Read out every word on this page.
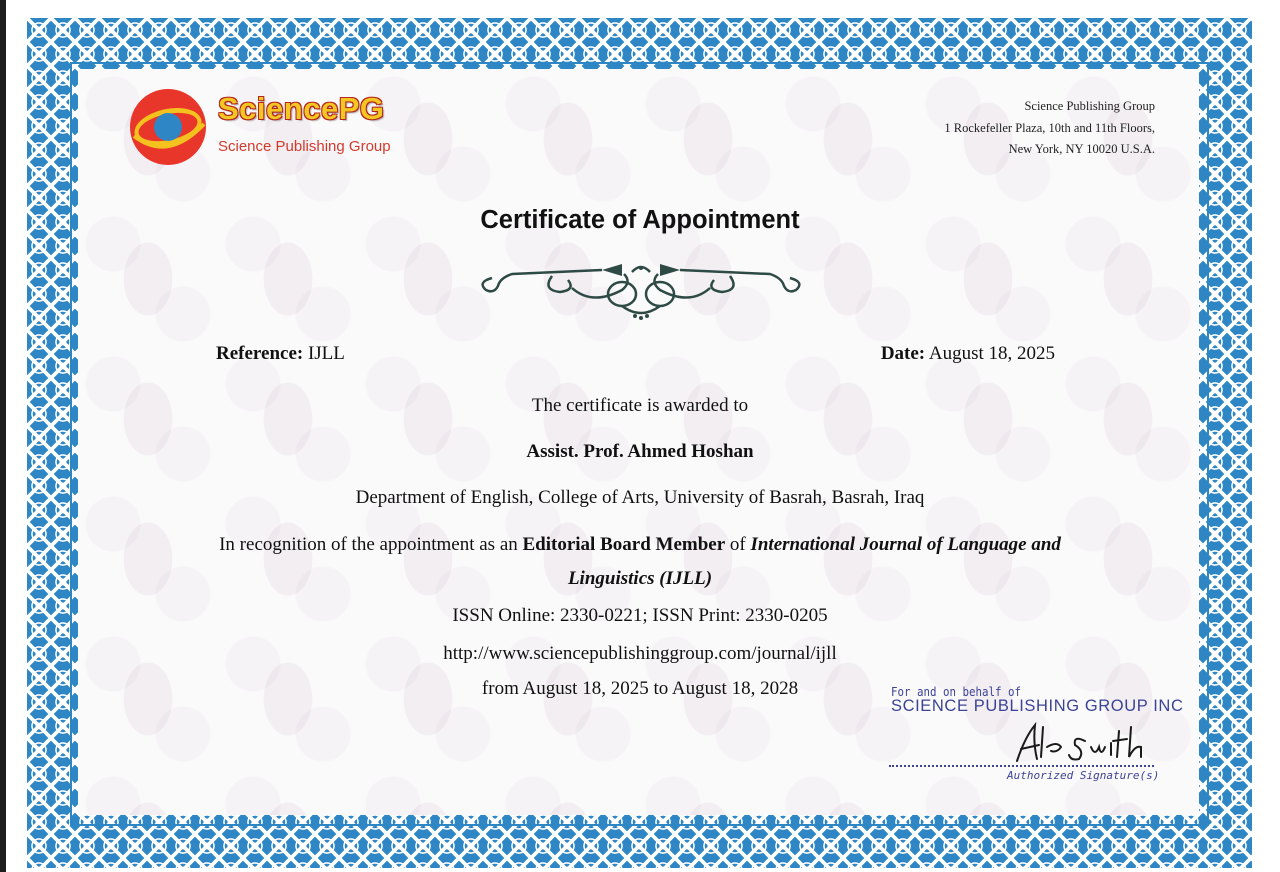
SciencePG
Science Publishing Group
Science Publishing Group
1 Rockefeller Plaza, 10th and 11th Floors,
New York, NY 10020 U.S.A.
Certificate of Appointment
Reference: IJLL	Date: August 18, 2025
The certificate is awarded to
Assist. Prof. Ahmed Hoshan
Department of English, College of Arts, University of Basrah, Basrah, Iraq
In recognition of the appointment as an Editorial Board Member of International Journal of Language and
Linguistics (IJLL)
ISSN Online: 2330-0221; ISSN Print: 2330-0205
http://www.sciencepublishinggroup.com/journal/ijll
from August 18, 2025 to August 18, 2028	For and on behalf of
SCIENCE PUBLISHING GROUP INC
Authorized Signature(s)
